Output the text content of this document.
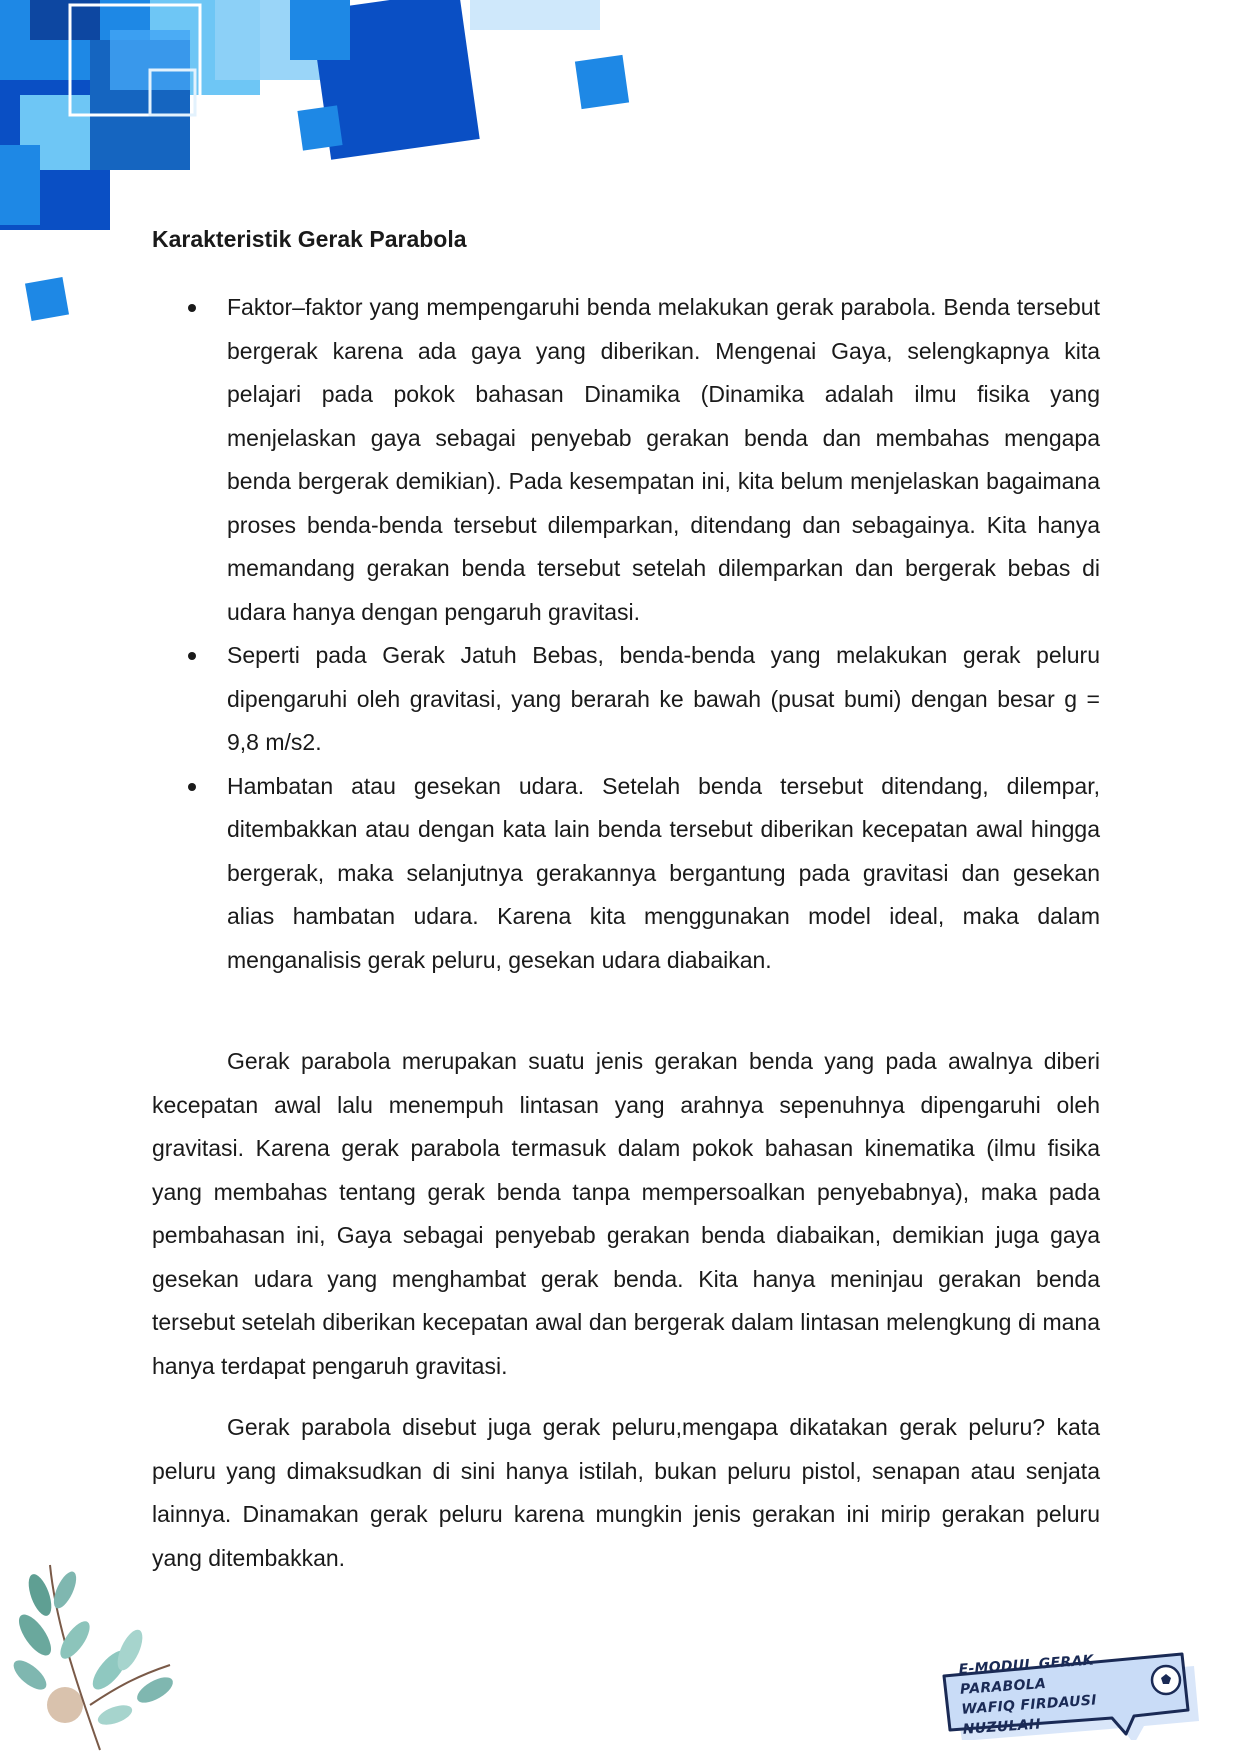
Karakteristik Gerak Parabola
Faktor–faktor yang mempengaruhi benda melakukan gerak parabola. Benda tersebut bergerak karena ada gaya yang diberikan. Mengenai Gaya, selengkapnya kita pelajari pada pokok bahasan Dinamika (Dinamika adalah ilmu fisika yang menjelaskan gaya sebagai penyebab gerakan benda dan membahas mengapa benda bergerak demikian). Pada kesempatan ini, kita belum menjelaskan bagaimana proses benda-benda tersebut dilemparkan, ditendang dan sebagainya. Kita hanya memandang gerakan benda tersebut setelah dilemparkan dan bergerak bebas di udara hanya dengan pengaruh gravitasi.
Seperti pada Gerak Jatuh Bebas, benda-benda yang melakukan gerak peluru dipengaruhi oleh gravitasi, yang berarah ke bawah (pusat bumi) dengan besar g = 9,8 m/s2.
Hambatan atau gesekan udara. Setelah benda tersebut ditendang, dilempar, ditembakkan atau dengan kata lain benda tersebut diberikan kecepatan awal hingga bergerak, maka selanjutnya gerakannya bergantung pada gravitasi dan gesekan alias hambatan udara. Karena kita menggunakan model ideal, maka dalam menganalisis gerak peluru, gesekan udara diabaikan.

Gerak parabola merupakan suatu jenis gerakan benda yang pada awalnya diberi kecepatan awal lalu menempuh lintasan yang arahnya sepenuhnya dipengaruhi oleh gravitasi. Karena gerak parabola termasuk dalam pokok bahasan kinematika (ilmu fisika yang membahas tentang gerak benda tanpa mempersoalkan penyebabnya), maka pada pembahasan ini, Gaya sebagai penyebab gerakan benda diabaikan, demikian juga gaya gesekan udara yang menghambat gerak benda. Kita hanya meninjau gerakan benda tersebut setelah diberikan kecepatan awal dan bergerak dalam lintasan melengkung di mana hanya terdapat pengaruh gravitasi.

Gerak parabola disebut juga gerak peluru,mengapa dikatakan gerak peluru? kata peluru yang dimaksudkan di sini hanya istilah, bukan peluru pistol, senapan atau senjata lainnya. Dinamakan gerak peluru karena mungkin jenis gerakan ini mirip gerakan peluru yang ditembakkan.

E-MODUL GERAK PARABOLA
WAFIQ FIRDAUSI NUZULAH
